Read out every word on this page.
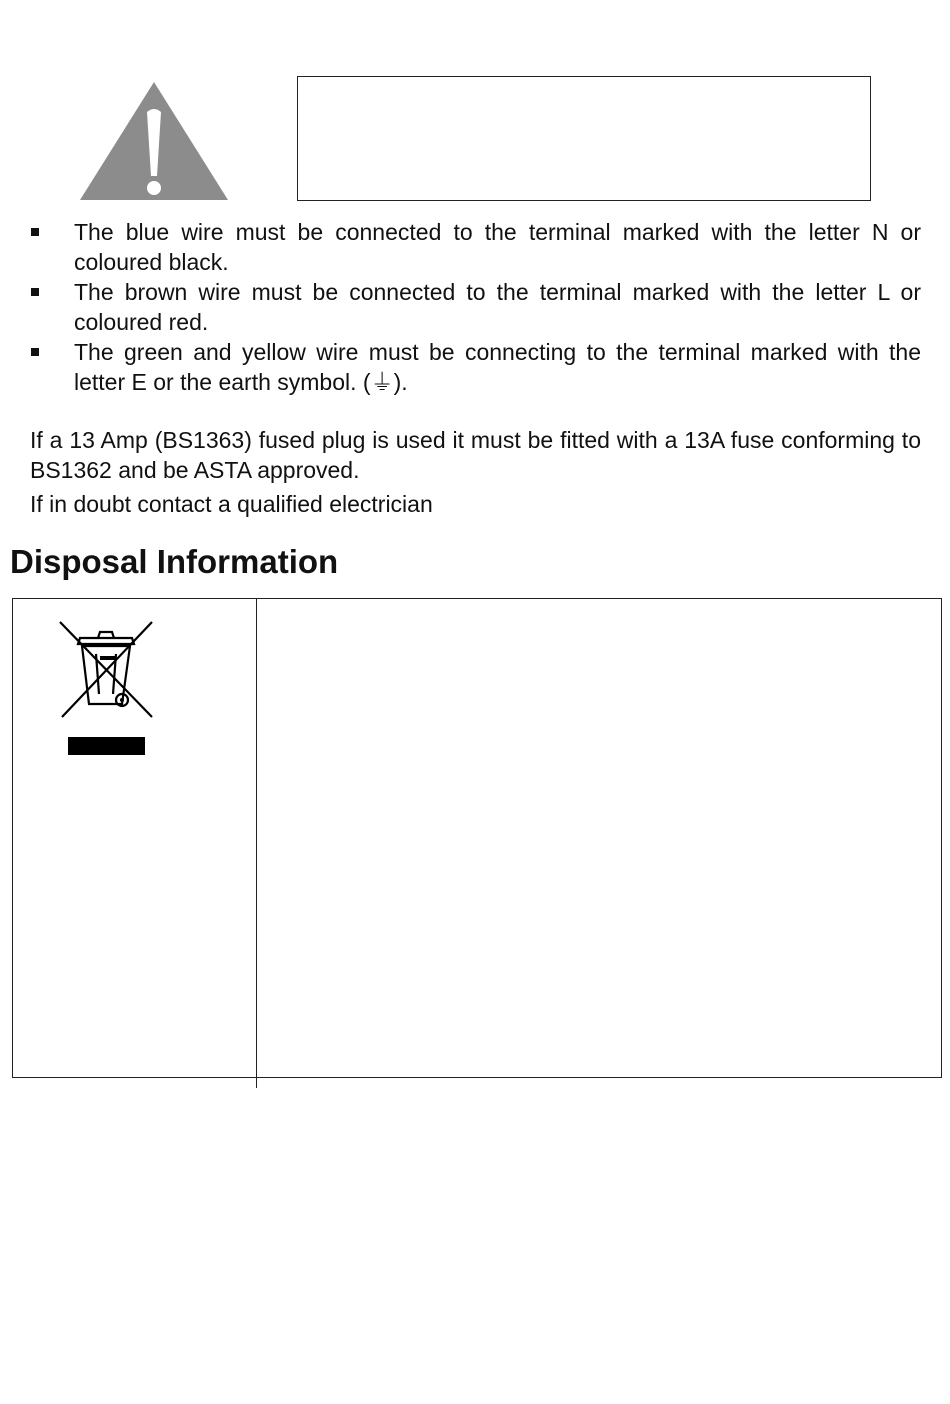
The blue wire must be connected to the terminal marked with the letter N or coloured black.
The brown wire must be connected to the terminal marked with the letter L or coloured red.
The green and yellow wire must be connecting to the terminal marked with the letter E or the earth symbol. (⏚).

If a 13 Amp (BS1363) fused plug is used it must be fitted with a 13A fuse conforming to BS1362 and be ASTA approved.

If in doubt contact a qualified electrician

Disposal Information
